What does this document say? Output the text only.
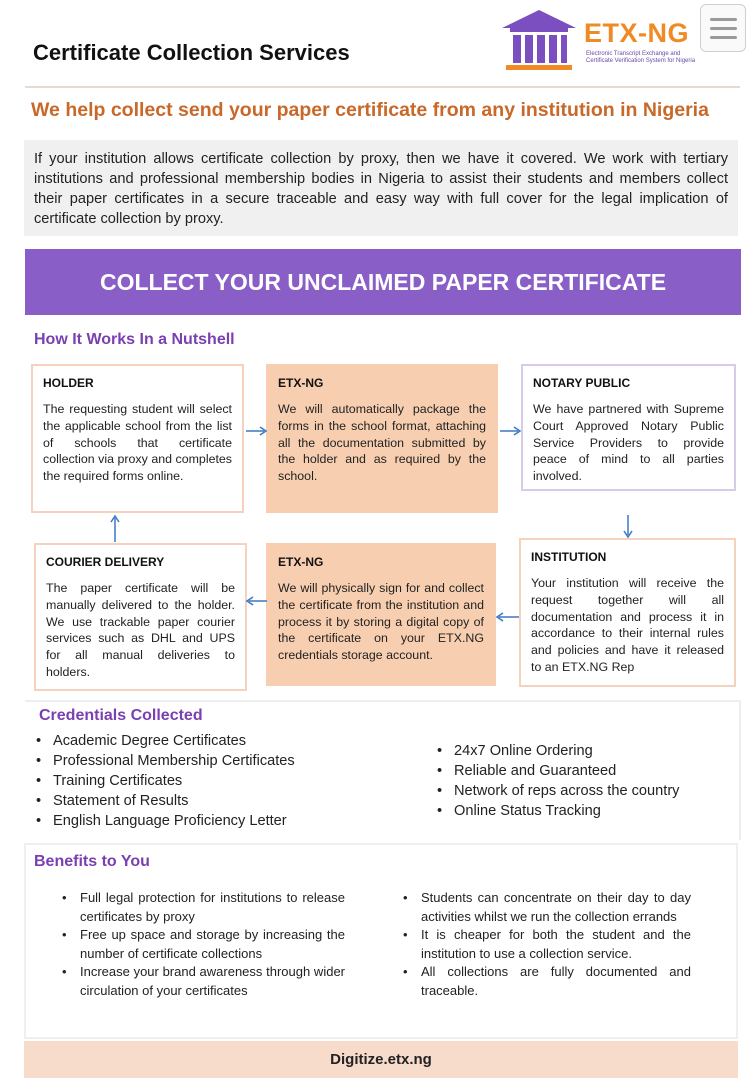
Certificate Collection Services
ETX-NG
Electronic Transcript Exchange and
Certificate Verification System for Nigeria
We help collect send your paper certificate from any institution in Nigeria
If your institution allows certificate collection by proxy, then we have it covered. We work with tertiary institutions and professional membership bodies in Nigeria to assist their students and members collect their paper certificates in a secure traceable and easy way with full cover for the legal implication of certificate collection by proxy.
COLLECT YOUR UNCLAIMED PAPER CERTIFICATE
How It Works In a Nutshell
HOLDER
The requesting student will select the applicable school from the list of schools that certificate collection via proxy and completes the required forms online.
ETX-NG
We will automatically package the forms in the school format, attaching all the documentation submitted by the holder and as required by the school.
NOTARY PUBLIC
We have partnered with Supreme Court Approved Notary Public Service Providers to provide peace of mind to all parties involved.
COURIER DELIVERY
The paper certificate will be manually delivered to the holder. We use trackable paper courier services such as DHL and UPS for all manual deliveries to holders.
ETX-NG
We will physically sign for and collect the certificate from the institution and process it by storing a digital copy of the certificate on your ETX.NG credentials storage account.
INSTITUTION
Your institution will receive the request together will all documentation and process it in accordance to their internal rules and policies and have it released to an ETX.NG Rep
Credentials Collected
• Academic Degree Certificates
• Professional Membership Certificates
• Training Certificates
• Statement of Results
• English Language Proficiency Letter
• 24x7 Online Ordering
• Reliable and Guaranteed
• Network of reps across the country
• Online Status Tracking
Benefits to You
• Full legal protection for institutions to release certificates by proxy
• Free up space and storage by increasing the number of certificate collections
• Increase your brand awareness through wider circulation of your certificates
• Students can concentrate on their day to day activities whilst we run the collection errands
• It is cheaper for both the student and the institution to use a collection service.
• All collections are fully documented and traceable.
Digitize.etx.ng
